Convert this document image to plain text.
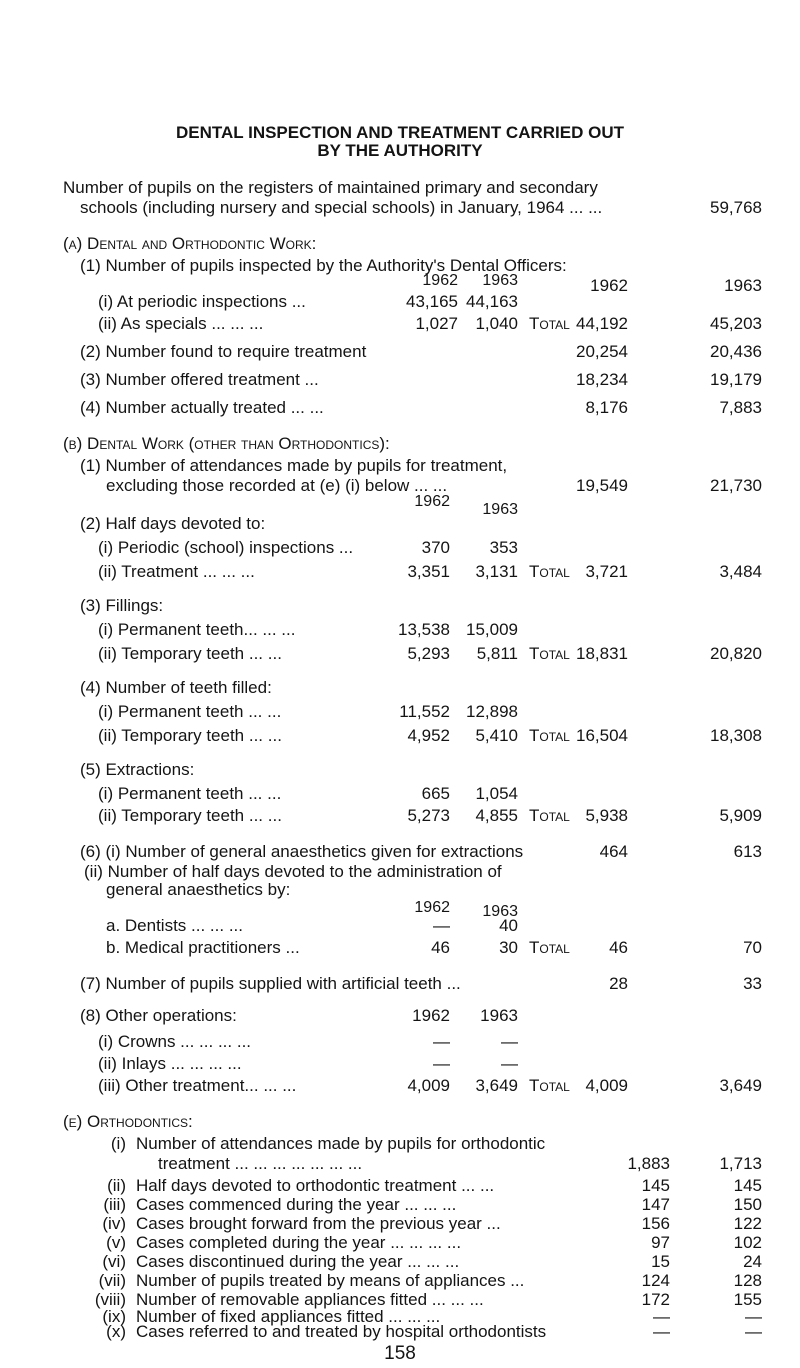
DENTAL INSPECTION AND TREATMENT CARRIED OUT
BY THE AUTHORITY
Number of pupils on the registers of maintained primary and secondary
schools (including nursery and special schools) in January, 1964 ... ...	59,768
(a) Dental and Orthodontic Work:
(1) Number of pupils inspected by the Authority's Dental Officers:
1962	1963	1962	1963
(i) At periodic inspections ...	43,165 44,163
(ii) As specials ... ... ...	1,027	1,040 Total 44,192	45,203
(2) Number found to require treatment	20,254	20,436
(3) Number offered treatment ...	18,234	19,179
(4) Number actually treated ... ...	8,176	7,883
(b) Dental Work (other than Orthodontics):
(1) Number of attendances made by pupils for treatment,
excluding those recorded at (e) (i) below ... ...	19,549	21,730
1962	1963
(2) Half days devoted to:
(i) Periodic (school) inspections ...	370	353
(ii) Treatment ... ... ...	3,351	3,131 Total 3,721	3,484
(3) Fillings:
(i) Permanent teeth... ... ...	13,538 15,009
(ii) Temporary teeth ... ...	5,293	5,811 Total 18,831	20,820
(4) Number of teeth filled:
(i) Permanent teeth ... ...	11,552 12,898
(ii) Temporary teeth ... ...	4,952	5,410 Total 16,504	18,308
(5) Extractions:
(i) Permanent teeth ... ...	665	1,054
(ii) Temporary teeth ... ...	5,273	4,855 Total 5,938	5,909
(6) (i) Number of general anaesthetics given for extractions	464	613
(ii) Number of half days devoted to the administration of
general anaesthetics by:
1962	1963
a. Dentists ... ... ...	—	40
b. Medical practitioners ...	46	30 Total	46	70
(7) Number of pupils supplied with artificial teeth ...	28	33
(8) Other operations:	1962	1963
(i) Crowns ... ... ... ...	—	—
(ii) Inlays ... ... ... ...	—	—
(iii) Other treatment... ... ...	4,009	3,649 Total 4,009	3,649
(e) Orthodontics:
(i) Number of attendances made by pupils for orthodontic
treatment ... ... ... ... ... ... ...	1,883	1,713
(ii) Half days devoted to orthodontic treatment ... ...	145	145
(iii) Cases commenced during the year ... ... ...	147	150
(iv) Cases brought forward from the previous year ...	156	122
(v) Cases completed during the year ... ... ... ...	97	102
(vi) Cases discontinued during the year ... ... ...	15	24
(vii) Number of pupils treated by means of appliances ...	124	128
(viii) Number of removable appliances fitted ... ... ...	172	155
(ix) Number of fixed appliances fitted ... ... ...	—	—
(x) Cases referred to and treated by hospital orthodontists	—	—
158
